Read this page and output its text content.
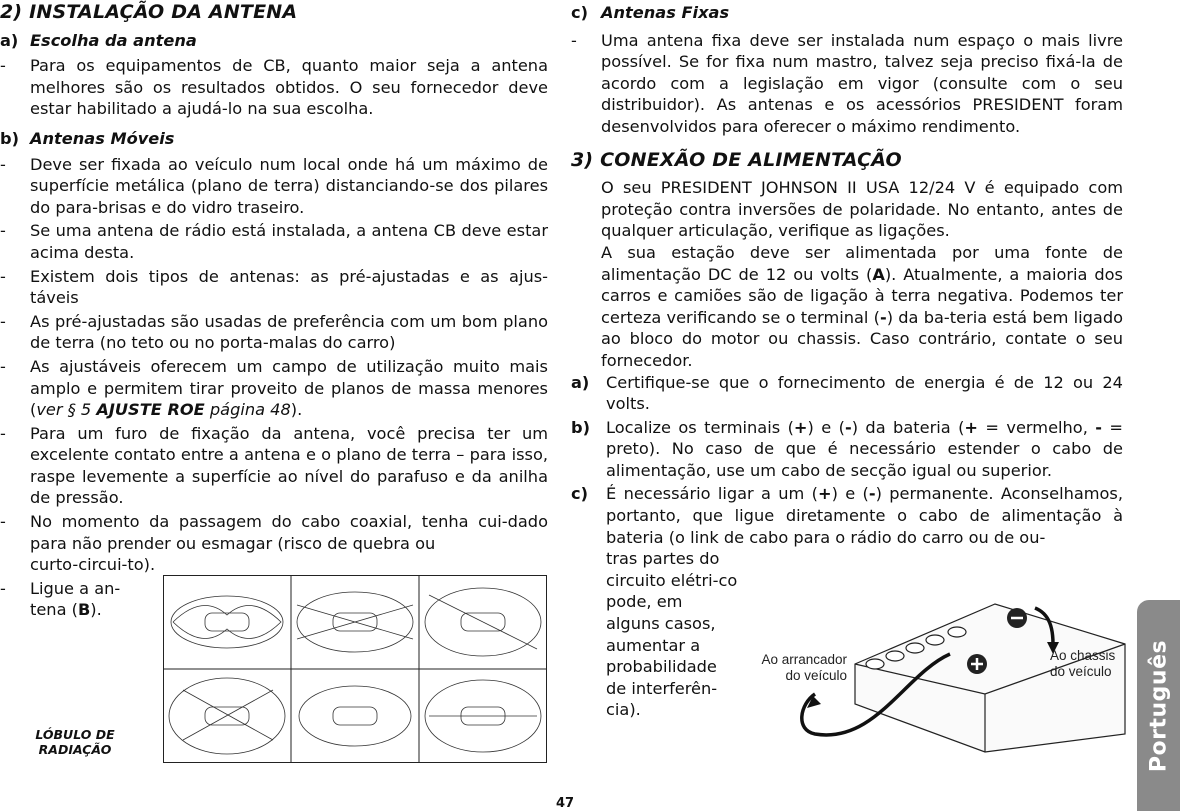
2) INSTALAÇÃO DA ANTENA
a) Escolha da antena
- Para os equipamentos de CB, quanto maior seja a antena melhores são os resultados obtidos. O seu fornecedor deve estar habilitado a ajudá-lo na sua escolha.
b) Antenas Móveis
- Deve ser fixada ao veículo num local onde há um máximo de superfície metálica (plano de terra) distanciando-se dos pilares do para-brisas e do vidro traseiro.
- Se uma antena de rádio está instalada, a antena CB deve estar acima desta.
- Existem dois tipos de antenas: as pré-ajustadas e as ajus-táveis
- As pré-ajustadas são usadas de preferência com um bom plano de terra (no teto ou no porta-malas do carro)
- As ajustáveis oferecem um campo de utilização muito mais amplo e permitem tirar proveito de planos de massa menores (ver § 5 AJUSTE ROE página 48).
- Para um furo de fixação da antena, você precisa ter um excelente contato entre a antena e o plano de terra – para isso, raspe levemente a superfície ao nível do parafuso e da anilha de pressão.
- No momento da passagem do cabo coaxial, tenha cui-dado para não prender ou esmagar (risco de quebra ou
curto-circui-to).
- Ligue a an-tena (B).
LÓBULO DE RADIAÇÃO
c) Antenas Fixas
- Uma antena fixa deve ser instalada num espaço o mais livre possível. Se for fixa num mastro, talvez seja preciso fixá-la de acordo com a legislação em vigor (consulte com o seu distribuidor). As antenas e os acessórios PRESIDENT foram desenvolvidos para oferecer o máximo rendimento.
3) CONEXÃO DE ALIMENTAÇÃO

O seu PRESIDENT JOHNSON II USA 12/24 V é equipado com proteção contra inversões de polaridade. No entanto, antes de qualquer articulação, verifique as ligações.

A sua estação deve ser alimentada por uma fonte de alimentação DC de 12 ou volts (A). Atualmente, a maioria dos carros e camiões são de ligação à terra negativa. Podemos ter certeza verificando se o terminal (-) da ba-teria está bem ligado ao bloco do motor ou chassis. Caso contrário, contate o seu fornecedor.

a) Certifique-se que o fornecimento de energia é de 12 ou 24 volts.
b) Localize os terminais (+) e (-) da bateria (+ = vermelho, - = preto). No caso de que é necessário estender o cabo de alimentação, use um cabo de secção igual ou superior.
c) É necessário ligar a um (+) e (-) permanente. Aconselhamos, portanto, que ligue diretamente o cabo de alimentação à bateria (o link de cabo para o rádio do carro ou de ou-
tras partes do circuito elétri-co pode, em alguns casos, aumentar a probabilidade de interferên-cia).
Ao arrancador do veículo
Ao chassis do veículo
47
Português
